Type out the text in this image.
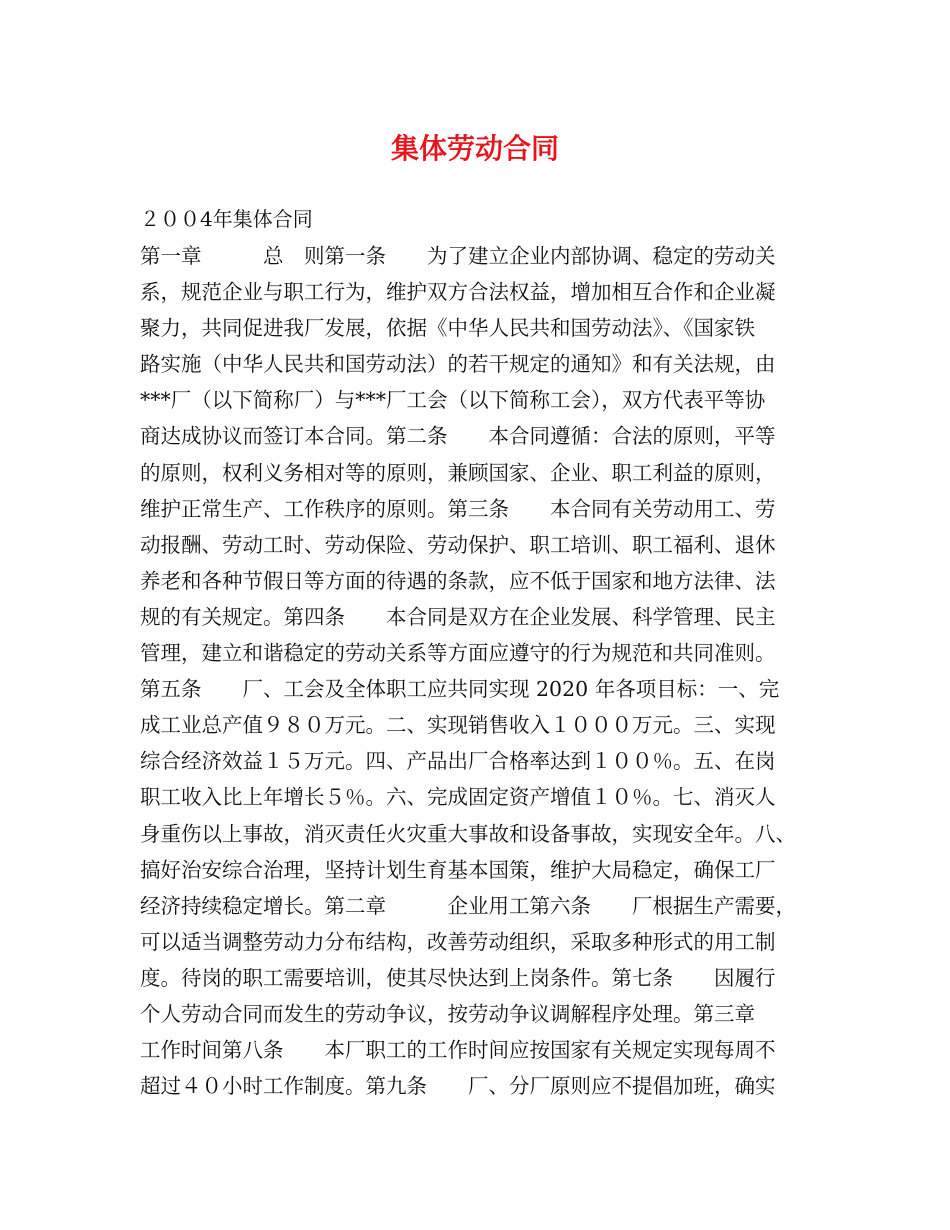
集体劳动合同

２００4年集体合同

第一章　　　总　则第一条　　为了建立企业内部协调、稳定的劳动关
系，规范企业与职工行为，维护双方合法权益，增加相互合作和企业凝
聚力，共同促进我厂发展，依据《中华人民共和国劳动法》、《国家铁
路实施（中华人民共和国劳动法）的若干规定的通知》和有关法规，由
***厂（以下简称厂）与***厂工会（以下简称工会），双方代表平等协
商达成协议而签订本合同。第二条　　本合同遵循：合法的原则，平等
的原则，权利义务相对等的原则，兼顾国家、企业、职工利益的原则，
维护正常生产、工作秩序的原则。第三条　　本合同有关劳动用工、劳
动报酬、劳动工时、劳动保险、劳动保护、职工培训、职工福利、退休
养老和各种节假日等方面的待遇的条款，应不低于国家和地方法律、法
规的有关规定。第四条　　本合同是双方在企业发展、科学管理、民主
管理，建立和谐稳定的劳动关系等方面应遵守的行为规范和共同准则。
第五条　　厂、工会及全体职工应共同实现 2020 年各项目标：一、完
成工业总产值９８０万元。二、实现销售收入１０００万元。三、实现
综合经济效益１５万元。四、产品出厂合格率达到１００％。五、在岗
职工收入比上年增长５％。六、完成固定资产增值１０％。七、消灭人
身重伤以上事故，消灭责任火灾重大事故和设备事故，实现安全年。八、
搞好治安综合治理，坚持计划生育基本国策，维护大局稳定，确保工厂
经济持续稳定增长。第二章　　　企业用工第六条　　厂根据生产需要，
可以适当调整劳动力分布结构，改善劳动组织，采取多种形式的用工制
度。待岗的职工需要培训，使其尽快达到上岗条件。第七条　　因履行
个人劳动合同而发生的劳动争议，按劳动争议调解程序处理。第三章　
工作时间第八条　　本厂职工的工作时间应按国家有关规定实现每周不
超过４０小时工作制度。第九条　　厂、分厂原则应不提倡加班，确实
